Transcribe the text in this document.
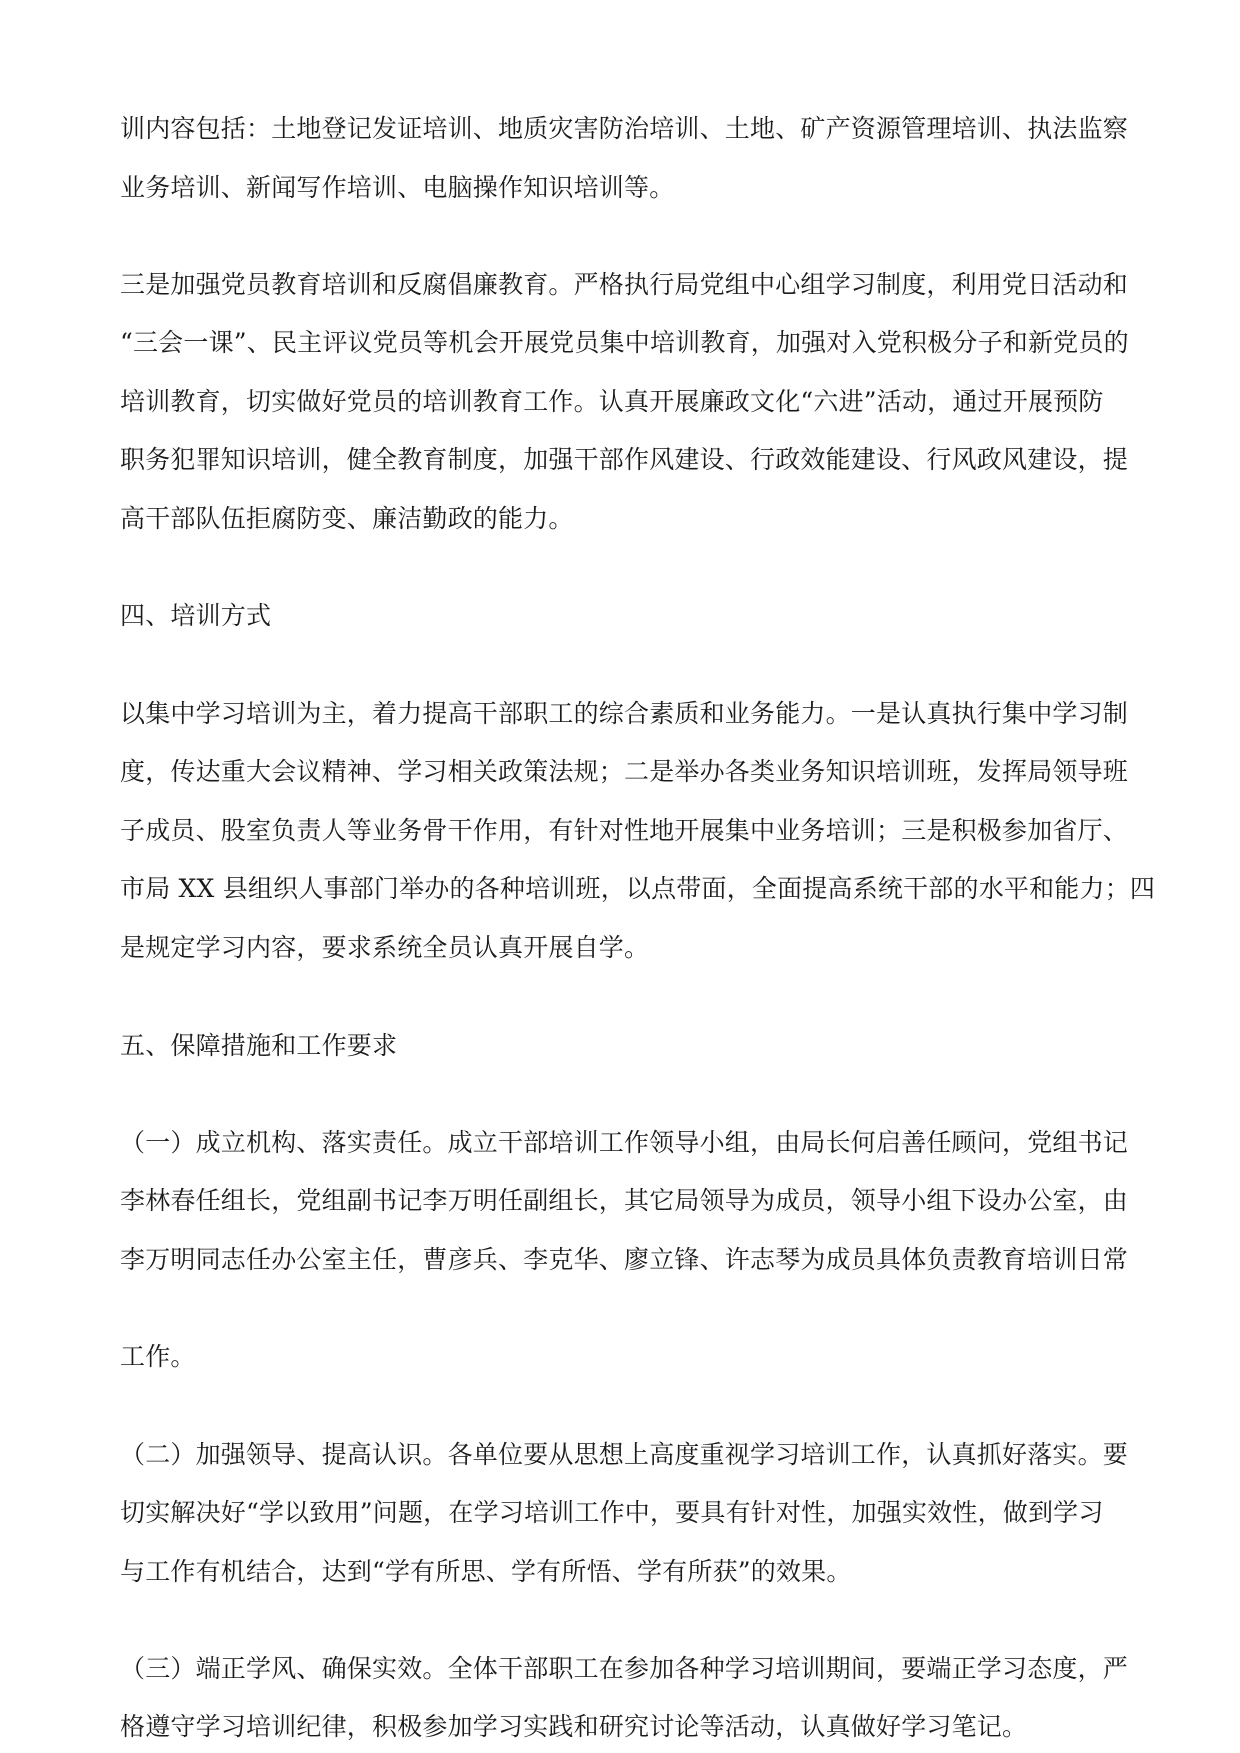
训内容包括：土地登记发证培训、地质灾害防治培训、土地、矿产资源管理培训、执法监察
业务培训、新闻写作培训、电脑操作知识培训等。
三是加强党员教育培训和反腐倡廉教育。严格执行局党组中心组学习制度，利用党日活动和
“三会一课”、民主评议党员等机会开展党员集中培训教育，加强对入党积极分子和新党员的
培训教育，切实做好党员的培训教育工作。认真开展廉政文化“六进”活动，通过开展预防
职务犯罪知识培训，健全教育制度，加强干部作风建设、行政效能建设、行风政风建设，提
高干部队伍拒腐防变、廉洁勤政的能力。
四、培训方式
以集中学习培训为主，着力提高干部职工的综合素质和业务能力。一是认真执行集中学习制
度，传达重大会议精神、学习相关政策法规；二是举办各类业务知识培训班，发挥局领导班
子成员、股室负责人等业务骨干作用，有针对性地开展集中业务培训；三是积极参加省厅、
市局 XX 县组织人事部门举办的各种培训班，以点带面，全面提高系统干部的水平和能力；四
是规定学习内容，要求系统全员认真开展自学。
五、保障措施和工作要求
（一）成立机构、落实责任。成立干部培训工作领导小组，由局长何启善任顾问，党组书记
李林春任组长，党组副书记李万明任副组长，其它局领导为成员，领导小组下设办公室，由
李万明同志任办公室主任，曹彦兵、李克华、廖立锋、许志琴为成员具体负责教育培训日常
工作。
（二）加强领导、提高认识。各单位要从思想上高度重视学习培训工作，认真抓好落实。要
切实解决好“学以致用”问题，在学习培训工作中，要具有针对性，加强实效性，做到学习
与工作有机结合，达到“学有所思、学有所悟、学有所获”的效果。
（三）端正学风、确保实效。全体干部职工在参加各种学习培训期间，要端正学习态度，严
格遵守学习培训纪律，积极参加学习实践和研究讨论等活动，认真做好学习笔记。
